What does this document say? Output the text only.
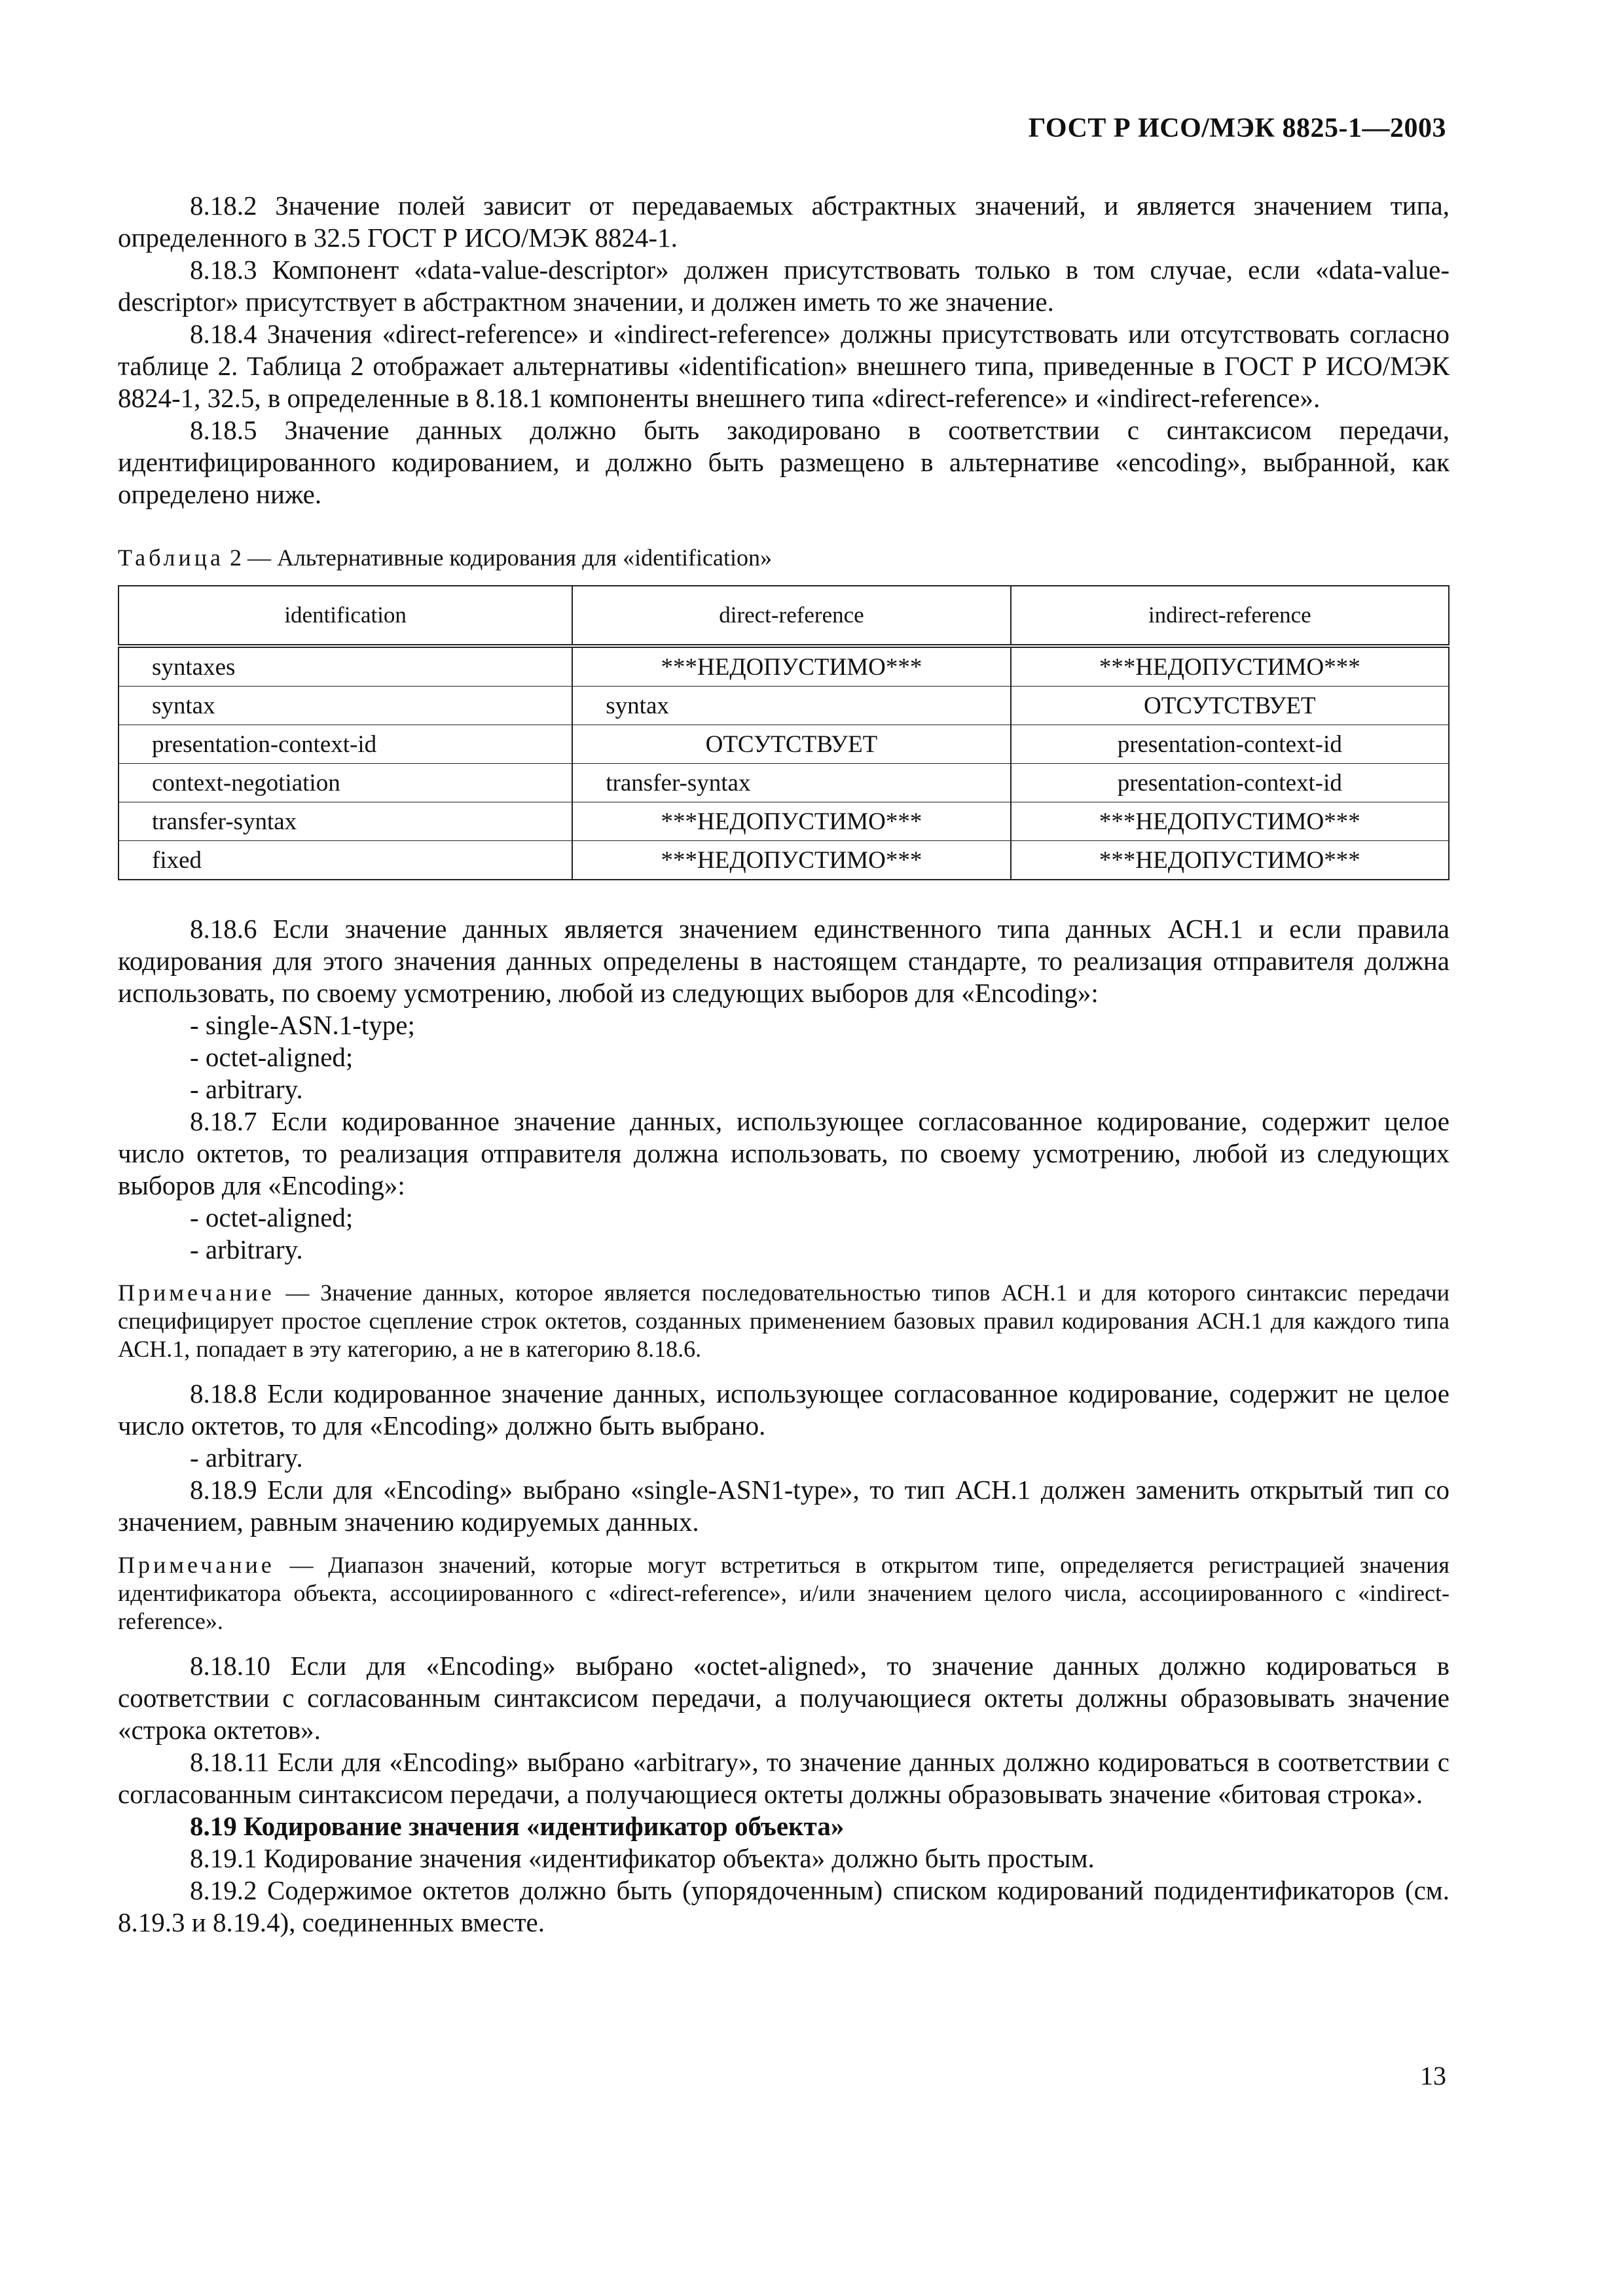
ГОСТ Р ИСО/МЭК 8825-1—2003

8.18.2 Значение полей зависит от передаваемых абстрактных значений, и является значением типа, определенного в 32.5 ГОСТ Р ИСО/МЭК 8824-1.

8.18.3 Компонент «data-value-descriptor» должен присутствовать только в том случае, если «data-value-descriptor» присутствует в абстрактном значении, и должен иметь то же значение.

8.18.4 Значения «direct-reference» и «indirect-reference» должны присутствовать или отсутствовать согласно таблице 2. Таблица 2 отображает альтернативы «identification» внешнего типа, приведенные в ГОСТ Р ИСО/МЭК 8824-1, 32.5, в определенные в 8.18.1 компоненты внешнего типа «direct-reference» и «indirect-reference».

8.18.5 Значение данных должно быть закодировано в соответствии с синтаксисом передачи, идентифицированного кодированием, и должно быть размещено в альтернативе «encoding», выбранной, как определено ниже.

Таблица 2 — Альтернативные кодирования для «identification»
identification	direct-reference	indirect-reference
syntaxes	***НЕДОПУСТИМО***	***НЕДОПУСТИМО***
syntax	syntax	ОТСУТСТВУЕТ
presentation-context-id	ОТСУТСТВУЕТ	presentation-context-id
context-negotiation	transfer-syntax	presentation-context-id
transfer-syntax	***НЕДОПУСТИМО***	***НЕДОПУСТИМО***
fixed	***НЕДОПУСТИМО***	***НЕДОПУСТИМО***

8.18.6 Если значение данных является значением единственного типа данных АСН.1 и если правила кодирования для этого значения данных определены в настоящем стандарте, то реализация отправителя должна использовать, по своему усмотрению, любой из следующих выборов для «Encoding»:

- single-ASN.1-type;

- octet-aligned;

- arbitrary.

8.18.7 Если кодированное значение данных, использующее согласованное кодирование, содержит целое число октетов, то реализация отправителя должна использовать, по своему усмотрению, любой из следующих выборов для «Encoding»:

- octet-aligned;

- arbitrary.

Примечание — Значение данных, которое является последовательностью типов АСН.1 и для которого синтаксис передачи специфицирует простое сцепление строк октетов, созданных применением базовых правил кодирования АСН.1 для каждого типа АСН.1, попадает в эту категорию, а не в категорию 8.18.6.

8.18.8 Если кодированное значение данных, использующее согласованное кодирование, содержит не целое число октетов, то для «Encoding» должно быть выбрано.

- arbitrary.

8.18.9 Если для «Encoding» выбрано «single-ASN1-type», то тип АСН.1 должен заменить открытый тип со значением, равным значению кодируемых данных.

Примечание — Диапазон значений, которые могут встретиться в открытом типе, определяется регистрацией значения идентификатора объекта, ассоциированного с «direct-reference», и/или значением целого числа, ассоциированного с «indirect-reference».

8.18.10 Если для «Encoding» выбрано «octet-aligned», то значение данных должно кодироваться в соответствии с согласованным синтаксисом передачи, а получающиеся октеты должны образовывать значение «строка октетов».

8.18.11 Если для «Encoding» выбрано «arbitrary», то значение данных должно кодироваться в соответствии с согласованным синтаксисом передачи, а получающиеся октеты должны образовывать значение «битовая строка».

8.19 Кодирование значения «идентификатор объекта»

8.19.1 Кодирование значения «идентификатор объекта» должно быть простым.

8.19.2 Содержимое октетов должно быть (упорядоченным) списком кодирований подидентификаторов (см. 8.19.3 и 8.19.4), соединенных вместе.

13
